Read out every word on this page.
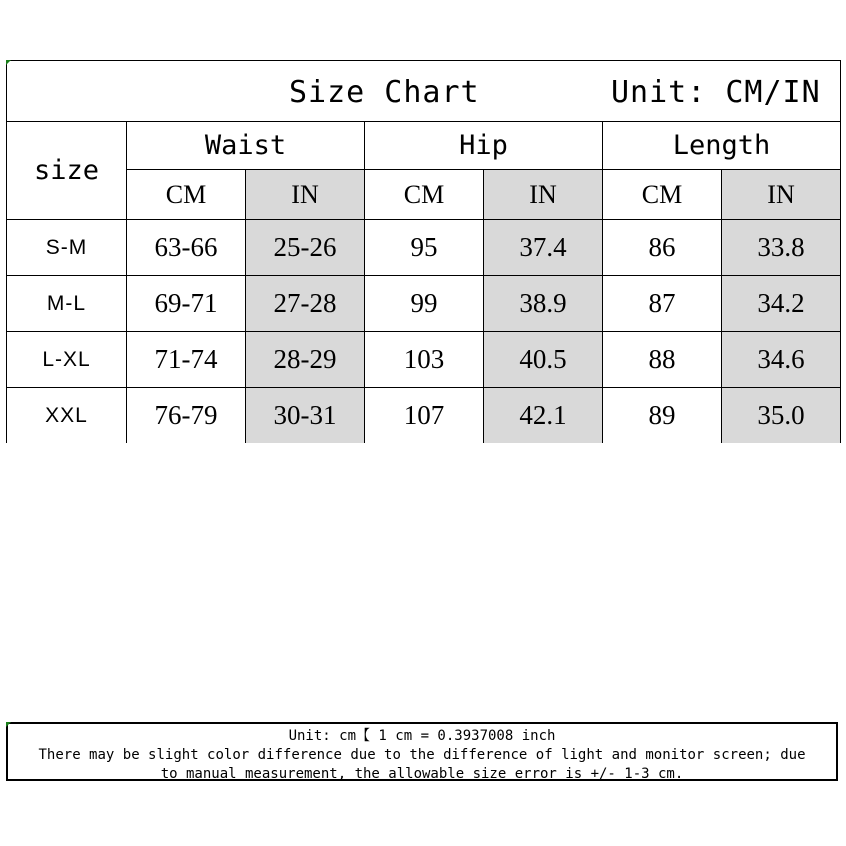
Size Chart Unit: CM/IN						

size	Waist		Hip		Length	
	CM	IN	CM	IN	CM	IN
S-M	63-66	25-26	95	37.4	86	33.8
M-L	69-71	27-28	99	38.9	87	34.2
L-XL	71-74	28-29	103	40.5	88	34.6
XXL	76-79	30-31	107	42.1	89	35.0
Unit: cm【 1 cm = 0.3937008 inch
There may be slight color difference due to the difference of light and monitor screen; due
to manual measurement, the allowable size error is +/- 1-3 cm.
